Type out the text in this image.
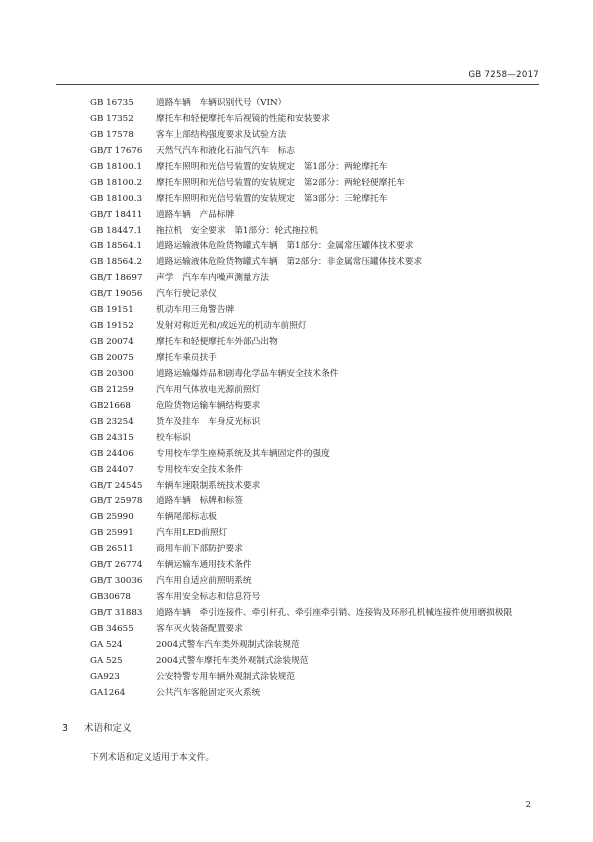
GB 7258—2017
GB 16735	道路车辆　车辆识别代号（VIN）
GB 17352	摩托车和轻便摩托车后视镜的性能和安装要求
GB 17578	客车上部结构强度要求及试验方法
GB/T 17676	天然气汽车和液化石油气汽车　标志
GB 18100.1	摩托车照明和光信号装置的安装规定　第1部分：两轮摩托车
GB 18100.2	摩托车照明和光信号装置的安装规定　第2部分：两轮轻便摩托车
GB 18100.3	摩托车照明和光信号装置的安装规定　第3部分：三轮摩托车
GB/T 18411	道路车辆　产品标牌
GB 18447.1	拖拉机　安全要求　第1部分：轮式拖拉机
GB 18564.1	道路运输液体危险货物罐式车辆　第1部分：金属常压罐体技术要求
GB 18564.2	道路运输液体危险货物罐式车辆　第2部分：非金属常压罐体技术要求
GB/T 18697	声学　汽车车内噪声测量方法
GB/T 19056	汽车行驶记录仪
GB 19151	机动车用三角警告牌
GB 19152	发射对称近光和/或远光的机动车前照灯
GB 20074	摩托车和轻便摩托车外部凸出物
GB 20075	摩托车乘员扶手
GB 20300	道路运输爆炸品和剧毒化学品车辆安全技术条件
GB 21259	汽车用气体放电光源前照灯
GB21668	危险货物运输车辆结构要求
GB 23254	货车及挂车　车身反光标识
GB 24315	校车标识
GB 24406	专用校车学生座椅系统及其车辆固定件的强度
GB 24407	专用校车安全技术条件
GB/T 24545	车辆车速限制系统技术要求
GB/T 25978	道路车辆　标牌和标签
GB 25990	车辆尾部标志板
GB 25991	汽车用LED前照灯
GB 26511	商用车前下部防护要求
GB/T 26774	车辆运输车通用技术条件
GB/T 30036	汽车用自适应前照明系统
GB30678	客车用安全标志和信息符号
GB/T 31883	道路车辆　牵引连接件、牵引杆孔、牵引座牵引销、连接钩及环形孔机械连接件使用磨损极限
GB 34655	客车灭火装备配置要求
GA 524	2004式警车汽车类外观制式涂装规范
GA 525	2004式警车摩托车类外观制式涂装规范
GA923	公安特警专用车辆外观制式涂装规范
GA1264	公共汽车客舱固定灭火系统
3 术语和定义
下列术语和定义适用于本文件。
2
